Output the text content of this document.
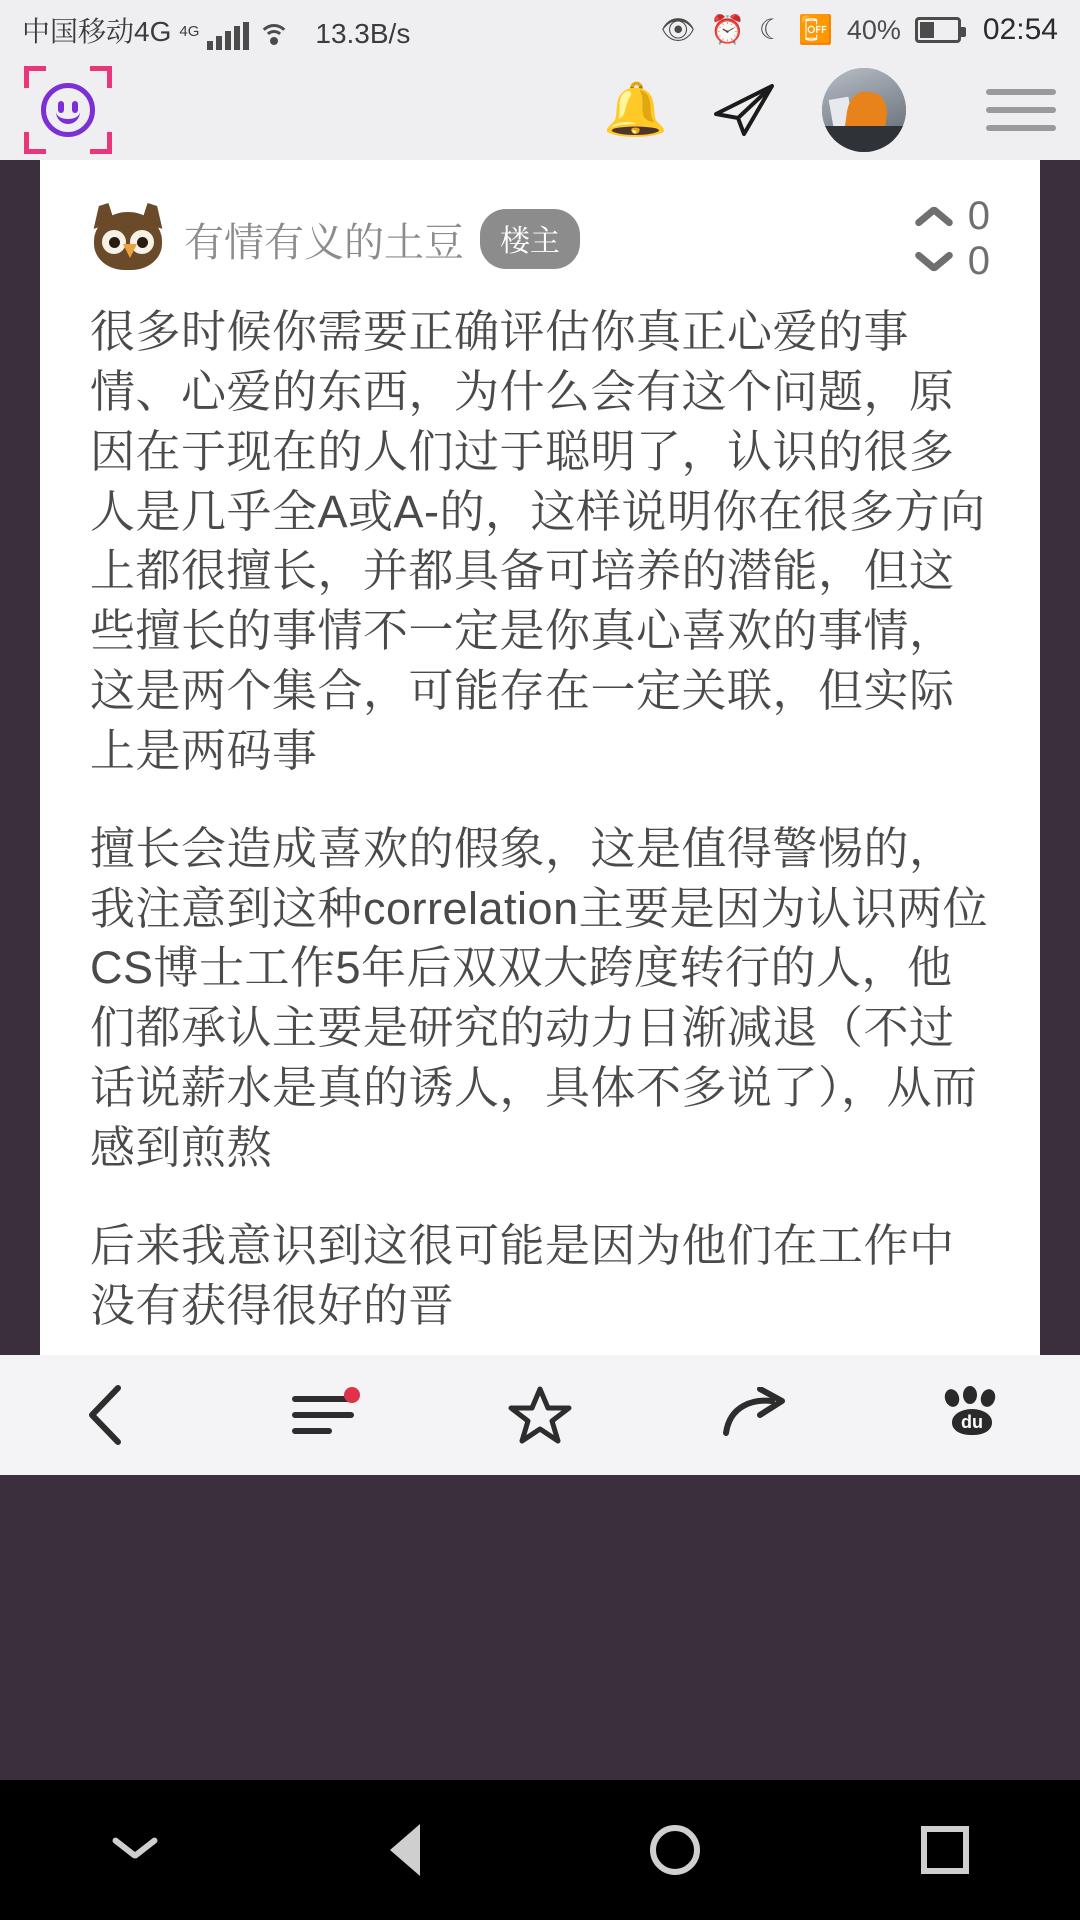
中国移动4G 4G	13.3B/s	👁 ⏰ ☾ 📴 40%	02:54
🔔
有情有义的土豆	楼主
0
0

很多时候你需要正确评估你真正心爱的事情、心爱的东西，为什么会有这个问题，原因在于现在的人们过于聪明了，认识的很多人是几乎全A或A-的，这样说明你在很多方向上都很擅长，并都具备可培养的潜能，但这些擅长的事情不一定是你真心喜欢的事情，这是两个集合，可能存在一定关联，但实际上是两码事

擅长会造成喜欢的假象，这是值得警惕的，我注意到这种correlation主要是因为认识两位CS博士工作5年后双双大跨度转行的人，他们都承认主要是研究的动力日渐减退（不过话说薪水是真的诱人，具体不多说了），从而感到煎熬

后来我意识到这很可能是因为他们在工作中没有获得很好的晋

du
